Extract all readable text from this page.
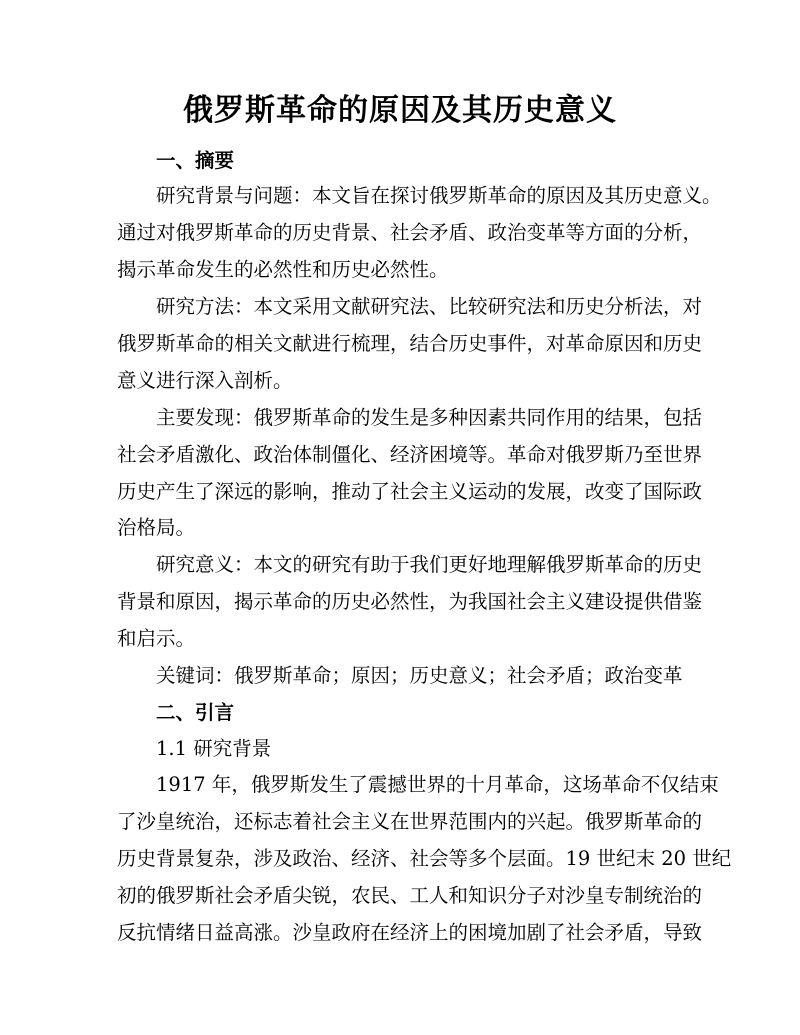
俄罗斯革命的原因及其历史意义
一、摘要
研究背景与问题：本文旨在探讨俄罗斯革命的原因及其历史意义。
通过对俄罗斯革命的历史背景、社会矛盾、政治变革等方面的分析，
揭示革命发生的必然性和历史必然性。
研究方法：本文采用文献研究法、比较研究法和历史分析法，对
俄罗斯革命的相关文献进行梳理，结合历史事件，对革命原因和历史
意义进行深入剖析。
主要发现：俄罗斯革命的发生是多种因素共同作用的结果，包括
社会矛盾激化、政治体制僵化、经济困境等。革命对俄罗斯乃至世界
历史产生了深远的影响，推动了社会主义运动的发展，改变了国际政
治格局。
研究意义：本文的研究有助于我们更好地理解俄罗斯革命的历史
背景和原因，揭示革命的历史必然性，为我国社会主义建设提供借鉴
和启示。
关键词：俄罗斯革命；原因；历史意义；社会矛盾；政治变革
二、引言
1.1 研究背景
1917 年，俄罗斯发生了震撼世界的十月革命，这场革命不仅结束
了沙皇统治，还标志着社会主义在世界范围内的兴起。俄罗斯革命的
历史背景复杂，涉及政治、经济、社会等多个层面。19 世纪末 20 世纪
初的俄罗斯社会矛盾尖锐，农民、工人和知识分子对沙皇专制统治的
反抗情绪日益高涨。沙皇政府在经济上的困境加剧了社会矛盾，导致
